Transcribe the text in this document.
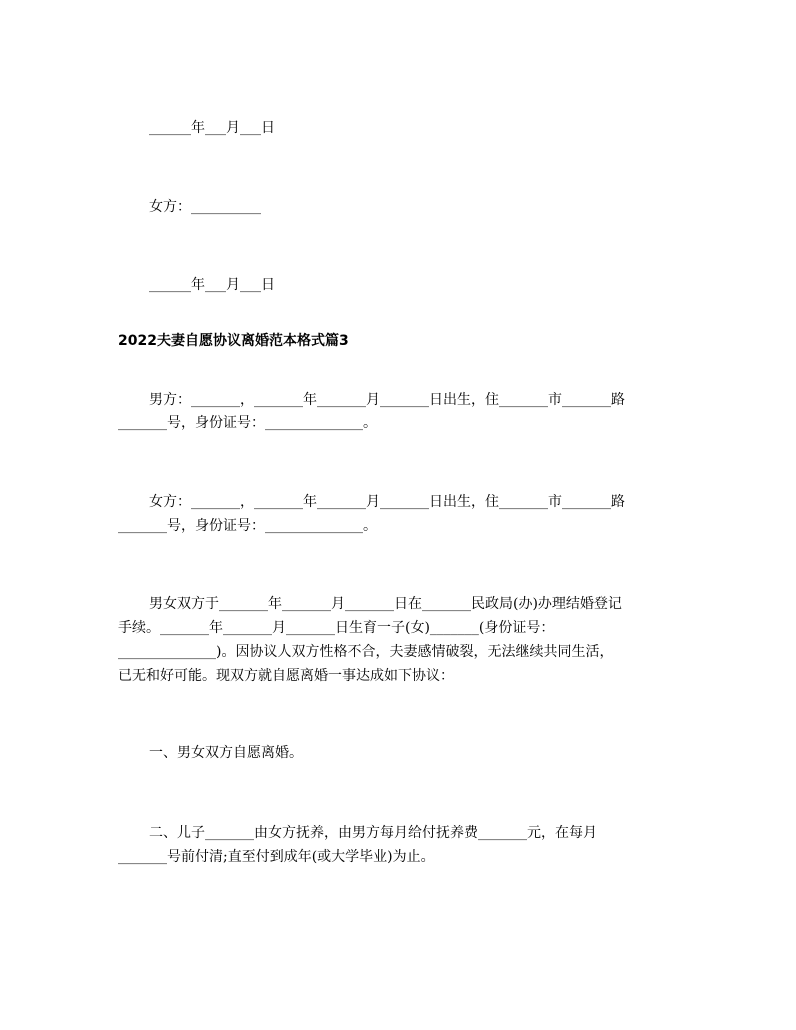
______年___月___日

女方：__________

______年___月___日

2022夫妻自愿协议离婚范本格式篇3

男方：_______，_______年_______月_______日出生，住_______市_______路

_______号，身份证号：______________。

女方：_______，_______年_______月_______日出生，住_______市_______路

_______号，身份证号：______________。

男女双方于_______年_______月_______日在_______民政局(办)办理结婚登记

手续。_______年_______月_______日生育一子(女)_______(身份证号：

______________)。因协议人双方性格不合，夫妻感情破裂，无法继续共同生活，

已无和好可能。现双方就自愿离婚一事达成如下协议：

一、男女双方自愿离婚。

二、儿子_______由女方抚养，由男方每月给付抚养费_______元，在每月

_______号前付清;直至付到成年(或大学毕业)为止。
